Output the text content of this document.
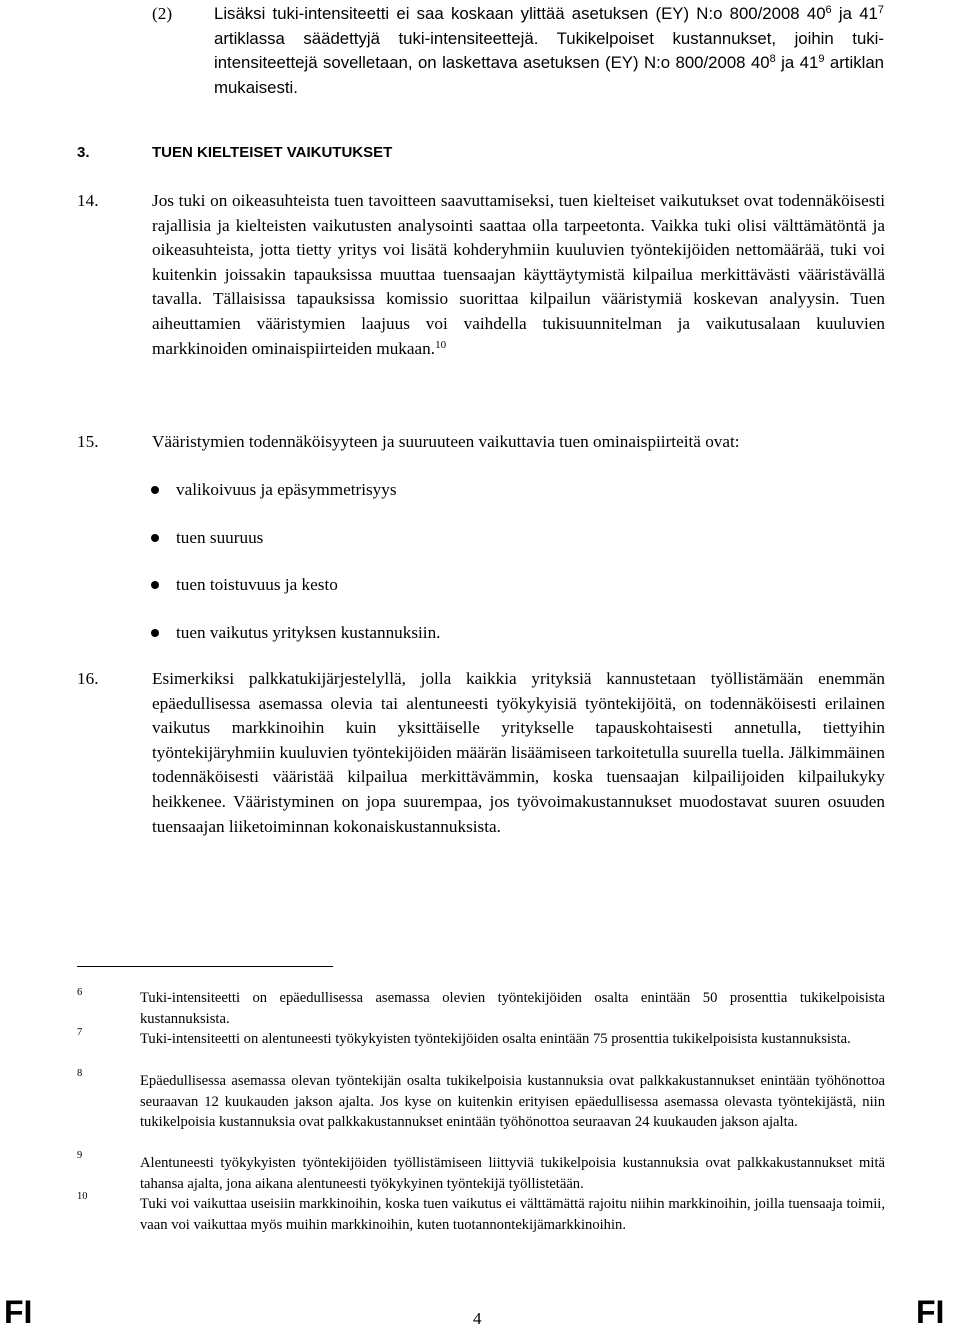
(2) Lisäksi tuki-intensiteetti ei saa koskaan ylittää asetuksen (EY) N:o 800/2008 $40^6$ ja $41^7$ artiklassa säädettyjä tuki-intensiteettejä. Tukikelpoiset kustannukset, joihin tuki-intensiteettejä sovelletaan, on laskettava asetuksen (EY) N:o 800/2008 $40^8$ ja $41^9$ artiklan mukaisesti.
3.	TUEN KIELTEISET VAIKUTUKSET
14.	Jos tuki on oikeasuhteista tuen tavoitteen saavuttamiseksi, tuen kielteiset vaikutukset ovat todennäköisesti rajallisia ja kielteisten vaikutusten analysointi saattaa olla tarpeetonta. Vaikka tuki olisi välttämätöntä ja oikeasuhteista, jotta tietty yritys voi lisätä kohderyhmiin kuuluvien työntekijöiden nettomäärää, tuki voi kuitenkin joissakin tapauksissa muuttaa tuensaajan käyttäytymistä kilpailua merkittävästi vääristävällä tavalla. Tällaisissa tapauksissa komissio suorittaa kilpailun vääristymiä koskevan analyysin. Tuen aiheuttamien vääristymien laajuus voi vaihdella tukisuunnitelman ja vaikutusalaan kuuluvien markkinoiden ominaispiirteiden mukaan.$^{10}$
15.	Vääristymien todennäköisyyteen ja suuruuteen vaikuttavia tuen ominaispiirteitä ovat:
valikoivuus ja epäsymmetrisyys
tuen suuruus
tuen toistuvuus ja kesto
tuen vaikutus yrityksen kustannuksiin.
16.	Esimerkiksi palkkatukijärjestelyllä, jolla kaikkia yrityksiä kannustetaan työllistämään enemmän epäedullisessa asemassa olevia tai alentuneesti työkykyisiä työntekijöitä, on todennäköisesti erilainen vaikutus markkinoihin kuin yksittäiselle yritykselle tapauskohtaisesti annetulla, tiettyihin työntekijäryhmiin kuuluvien työntekijöiden määrän lisäämiseen tarkoitetulla suurella tuella. Jälkimmäinen todennäköisesti vääristää kilpailua merkittävämmin, koska tuensaajan kilpailijoiden kilpailukyky heikkenee. Vääristyminen on jopa suurempaa, jos työvoimakustannukset muodostavat suuren osuuden tuensaajan liiketoiminnan kokonaiskustannuksista.
6	Tuki-intensiteetti on epäedullisessa asemassa olevien työntekijöiden osalta enintään 50 prosenttia tukikelpoisista kustannuksista.
7	Tuki-intensiteetti on alentuneesti työkykyisten työntekijöiden osalta enintään 75 prosenttia tukikelpoisista kustannuksista.
8	Epäedullisessa asemassa olevan työntekijän osalta tukikelpoisia kustannuksia ovat palkkakustannukset enintään työhönottoa seuraavan 12 kuukauden jakson ajalta. Jos kyse on kuitenkin erityisen epäedullisessa asemassa olevasta työntekijästä, niin tukikelpoisia kustannuksia ovat palkkakustannukset enintään työhönottoa seuraavan 24 kuukauden jakson ajalta.
9	Alentuneesti työkykyisten työntekijöiden työllistämiseen liittyviä tukikelpoisia kustannuksia ovat palkkakustannukset mitä tahansa ajalta, jona aikana alentuneesti työkykyinen työntekijä työllistetään.
10	Tuki voi vaikuttaa useisiin markkinoihin, koska tuen vaikutus ei välttämättä rajoitu niihin markkinoihin, joilla tuensaaja toimii, vaan voi vaikuttaa myös muihin markkinoihin, kuten tuotannontekijämarkkinoihin.
FI	4	FI
